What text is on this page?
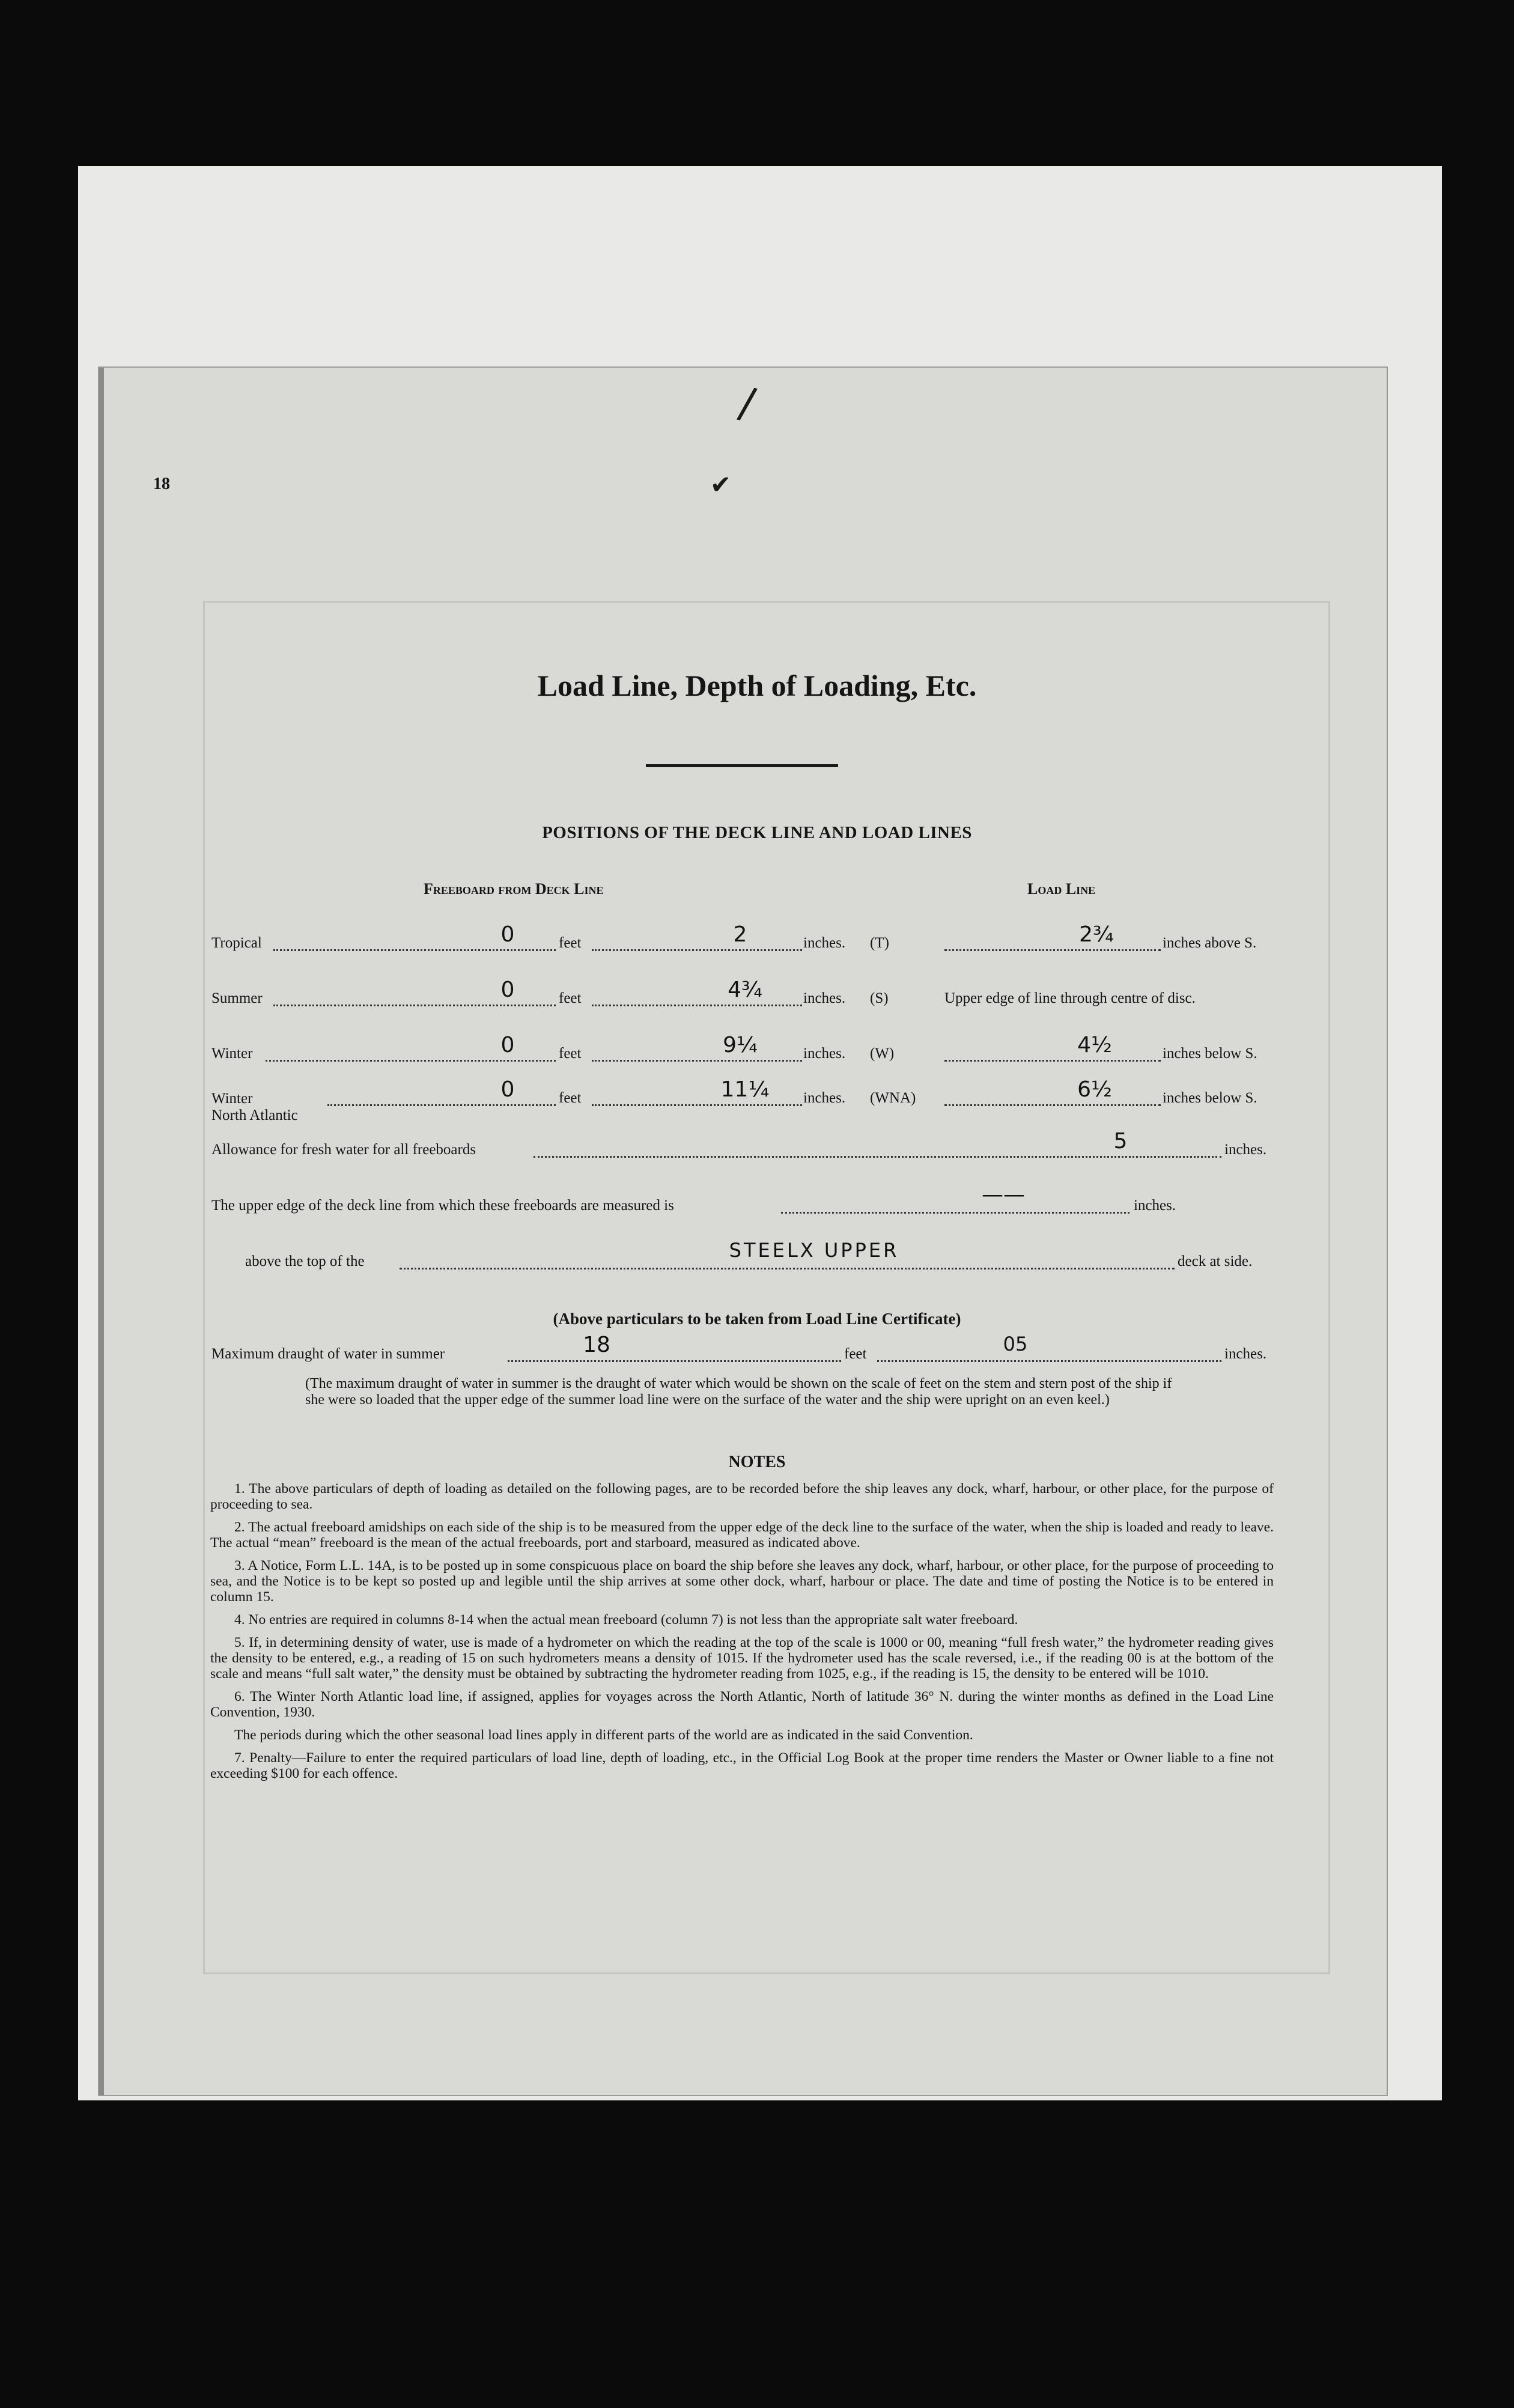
/
✔
18
Load Line, Depth of Loading, Etc.
POSITIONS OF THE DECK LINE AND LOAD LINES
Freeboard from Deck Line	Load Line
Tropical	0	feet	2	inches. (T)	2¾	inches above S.
Summer	0	feet	4¾	inches. (S)	Upper edge of line through centre of disc.
Winter	0	feet	9¼	inches. (W)	4½	inches below S.
Winter
North Atlantic
0	feet	11¼ inches. (WNA)	6½	inches below S.
Allowance for fresh water for all freeboards	5	inches.
The upper edge of the deck line from which these freeboards are measured is	——	inches.
above the top of the	STEELX UPPER	deck at side.
(Above particulars to be taken from Load Line Certificate)
Maximum draught of water in summer	18	feet	05	inches.
(The maximum draught of water in summer is the draught of water which would be shown on the scale of feet on the stem and stern post of the ship if she were so loaded that the upper edge of the summer load line were on the surface of the water and the ship were upright on an even keel.)
NOTES

1. The above particulars of depth of loading as detailed on the following pages, are to be recorded before the ship leaves any dock, wharf, harbour, or other place, for the purpose of proceeding to sea.

2. The actual freeboard amidships on each side of the ship is to be measured from the upper edge of the deck line to the surface of the water, when the ship is loaded and ready to leave. The actual “mean” freeboard is the mean of the actual freeboards, port and starboard, measured as indicated above.

3. A Notice, Form L.L. 14A, is to be posted up in some conspicuous place on board the ship before she leaves any dock, wharf, harbour, or other place, for the purpose of proceeding to sea, and the Notice is to be kept so posted up and legible until the ship arrives at some other dock, wharf, harbour or place. The date and time of posting the Notice is to be entered in column 15.

4. No entries are required in columns 8-14 when the actual mean freeboard (column 7) is not less than the appropriate salt water freeboard.

5. If, in determining density of water, use is made of a hydrometer on which the reading at the top of the scale is 1000 or 00, meaning “full fresh water,” the hydrometer reading gives the density to be entered, e.g., a reading of 15 on such hydrometers means a density of 1015. If the hydrometer used has the scale reversed, i.e., if the reading 00 is at the bottom of the scale and means “full salt water,” the density must be obtained by subtracting the hydrometer reading from 1025, e.g., if the reading is 15, the density to be entered will be 1010.

6. The Winter North Atlantic load line, if assigned, applies for voyages across the North Atlantic, North of latitude 36° N. during the winter months as defined in the Load Line Convention, 1930.

The periods during which the other seasonal load lines apply in different parts of the world are as indicated in the said Convention.

7. Penalty—Failure to enter the required particulars of load line, depth of loading, etc., in the Official Log Book at the proper time renders the Master or Owner liable to a fine not exceeding $100 for each offence.
